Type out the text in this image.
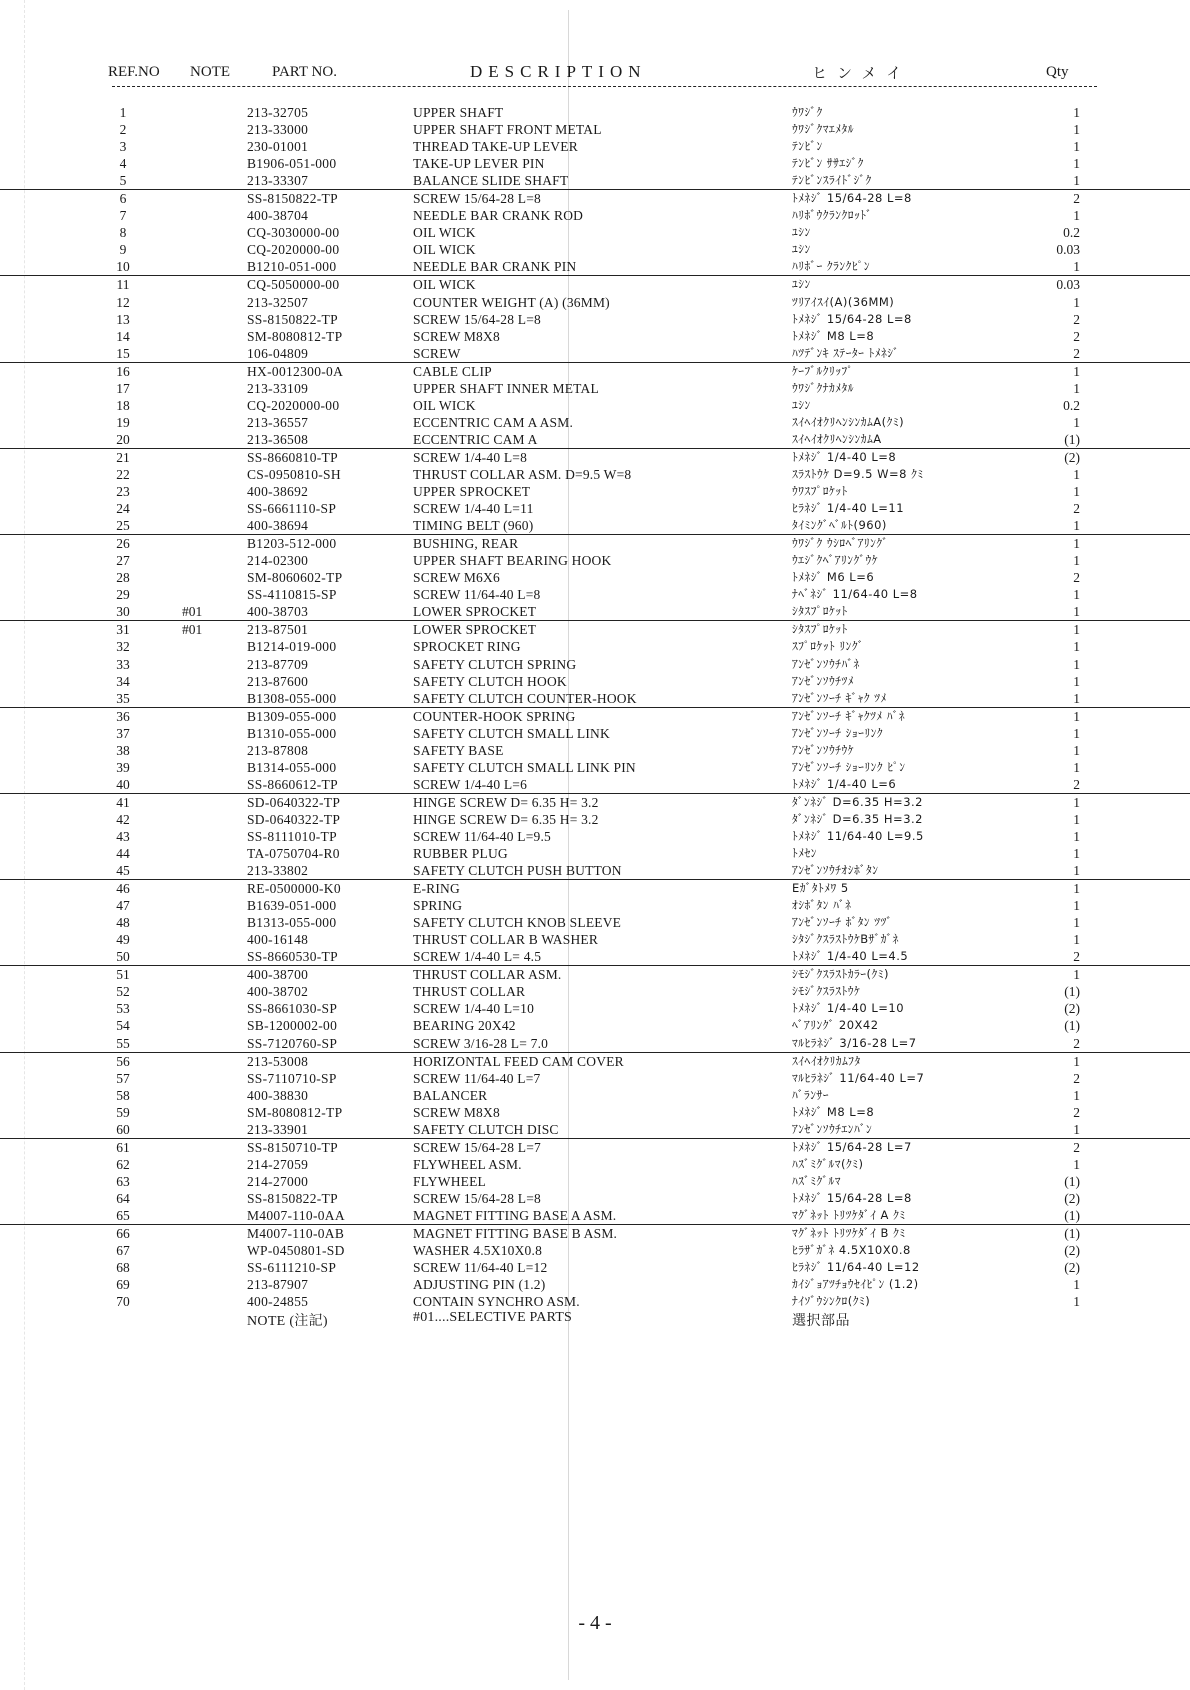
REF.NO NOTE	PART NO.	DESCRIPTION	ヒンメイ	Qty
1	213-32705	UPPER SHAFT	ｳﾜｼﾞｸ	1
2	213-33000	UPPER SHAFT FRONT METAL	ｳﾜｼﾞｸﾏｴﾒﾀﾙ	1
3	230-01001	THREAD TAKE-UP LEVER	ﾃﾝﾋﾞﾝ	1
4	B1906-051-000	TAKE-UP LEVER PIN	ﾃﾝﾋﾞﾝ ｻｻｴｼﾞｸ	1
5	213-33307	BALANCE SLIDE SHAFT	ﾃﾝﾋﾞﾝｽﾗｲﾄﾞｼﾞｸ	1
6	SS-8150822-TP	SCREW 15/64-28 L=8	ﾄﾒﾈｼﾞ 15/64-28 L=8	2
7	400-38704	NEEDLE BAR CRANK ROD	ﾊﾘﾎﾞｳｸﾗﾝｸﾛｯﾄﾞ	1
8	CQ-3030000-00	OIL WICK	ﾕｼﾝ	0.2
9	CQ-2020000-00	OIL WICK	ﾕｼﾝ	0.03
10	B1210-051-000	NEEDLE BAR CRANK PIN	ﾊﾘﾎﾞｰ ｸﾗﾝｸﾋﾟﾝ	1
11	CQ-5050000-00	OIL WICK	ﾕｼﾝ	0.03
12	213-32507	COUNTER WEIGHT (A) (36MM)	ﾂﾘｱｲｽｲ(A)(36MM)	1
13	SS-8150822-TP	SCREW 15/64-28 L=8	ﾄﾒﾈｼﾞ 15/64-28 L=8	2
14	SM-8080812-TP	SCREW M8X8	ﾄﾒﾈｼﾞ M8 L=8	2
15	106-04809	SCREW	ﾊﾂﾃﾞﾝｷ ｽﾃｰﾀｰ ﾄﾒﾈｼﾞ	2
16	HX-0012300-0A	CABLE CLIP	ｹｰﾌﾞﾙｸﾘｯﾌﾟ	1
17	213-33109	UPPER SHAFT INNER METAL	ｳﾜｼﾞｸﾅｶﾒﾀﾙ	1
18	CQ-2020000-00	OIL WICK	ﾕｼﾝ	0.2
19	213-36557	ECCENTRIC CAM A ASM.	ｽｲﾍｲｵｸﾘﾍﾝｼﾝｶﾑA(ｸﾐ)	1
20	213-36508	ECCENTRIC CAM A	ｽｲﾍｲｵｸﾘﾍﾝｼﾝｶﾑA	(1)
21	SS-8660810-TP	SCREW 1/4-40 L=8	ﾄﾒﾈｼﾞ 1/4-40 L=8	(2)
22	CS-0950810-SH	THRUST COLLAR ASM. D=9.5 W=8	ｽﾗｽﾄｳｹ D=9.5 W=8 ｸﾐ	1
23	400-38692	UPPER SPROCKET	ｳﾜｽﾌﾟﾛｹｯﾄ	1
24	SS-6661110-SP	SCREW 1/4-40 L=11	ﾋﾗﾈｼﾞ 1/4-40 L=11	2
25	400-38694	TIMING BELT (960)	ﾀｲﾐﾝｸﾞﾍﾞﾙﾄ(960)	1
26	B1203-512-000	BUSHING, REAR	ｳﾜｼﾞｸ ｳｼﾛﾍﾞｱﾘﾝｸﾞ	1
27	214-02300	UPPER SHAFT BEARING HOOK	ｳｴｼﾞｸﾍﾞｱﾘﾝｸﾞｳｹ	1
28	SM-8060602-TP	SCREW M6X6	ﾄﾒﾈｼﾞ M6 L=6	2
29	SS-4110815-SP	SCREW 11/64-40 L=8	ﾅﾍﾞﾈｼﾞ 11/64-40 L=8	1
30	#01	400-38703	LOWER SPROCKET	ｼﾀｽﾌﾟﾛｹｯﾄ	1
31	#01	213-87501	LOWER SPROCKET	ｼﾀｽﾌﾟﾛｹｯﾄ	1
32	B1214-019-000	SPROCKET RING	ｽﾌﾟﾛｹｯﾄ ﾘﾝｸﾞ	1
33	213-87709	SAFETY CLUTCH SPRING	ｱﾝｾﾞﾝｿｳﾁﾊﾞﾈ	1
34	213-87600	SAFETY CLUTCH HOOK	ｱﾝｾﾞﾝｿｳﾁﾂﾒ	1
35	B1308-055-000	SAFETY CLUTCH COUNTER-HOOK	ｱﾝｾﾞﾝｿｰﾁ ｷﾞｬｸ ﾂﾒ	1
36	B1309-055-000	COUNTER-HOOK SPRING	ｱﾝｾﾞﾝｿｰﾁ ｷﾞｬｸﾂﾒ ﾊﾞﾈ	1
37	B1310-055-000	SAFETY CLUTCH SMALL LINK	ｱﾝｾﾞﾝｿｰﾁ ｼｮｰﾘﾝｸ	1
38	213-87808	SAFETY BASE	ｱﾝｾﾞﾝｿｳﾁｳｹ	1
39	B1314-055-000	SAFETY CLUTCH SMALL LINK PIN	ｱﾝｾﾞﾝｿｰﾁ ｼｮｰﾘﾝｸ ﾋﾟﾝ	1
40	SS-8660612-TP	SCREW 1/4-40 L=6	ﾄﾒﾈｼﾞ 1/4-40 L=6	2
41	SD-0640322-TP	HINGE SCREW D= 6.35 H= 3.2	ﾀﾞﾝﾈｼﾞ D=6.35 H=3.2	1
42	SD-0640322-TP	HINGE SCREW D= 6.35 H= 3.2	ﾀﾞﾝﾈｼﾞ D=6.35 H=3.2	1
43	SS-8111010-TP	SCREW 11/64-40 L=9.5	ﾄﾒﾈｼﾞ 11/64-40 L=9.5	1
44	TA-0750704-R0	RUBBER PLUG	ﾄﾒｾﾝ	1
45	213-33802	SAFETY CLUTCH PUSH BUTTON	ｱﾝｾﾞﾝｿｳﾁｵｼﾎﾞﾀﾝ	1
46	RE-0500000-K0	E-RING	Eｶﾞﾀﾄﾒﾜ 5	1
47	B1639-051-000	SPRING	ｵｼﾎﾞﾀﾝ ﾊﾞﾈ	1
48	B1313-055-000	SAFETY CLUTCH KNOB SLEEVE	ｱﾝｾﾞﾝｿｰﾁ ﾎﾞﾀﾝ ﾂﾂﾞ	1
49	400-16148	THRUST COLLAR B WASHER	ｼﾀｼﾞｸｽﾗｽﾄｳｹBｻﾞｶﾞﾈ	1
50	SS-8660530-TP	SCREW 1/4-40 L= 4.5	ﾄﾒﾈｼﾞ 1/4-40 L=4.5	2
51	400-38700	THRUST COLLAR ASM.	ｼﾓｼﾞｸｽﾗｽﾄｶﾗｰ(ｸﾐ)	1
52	400-38702	THRUST COLLAR	ｼﾓｼﾞｸｽﾗｽﾄｳｹ	(1)
53	SS-8661030-SP	SCREW 1/4-40 L=10	ﾄﾒﾈｼﾞ 1/4-40 L=10	(2)
54	SB-1200002-00	BEARING 20X42	ﾍﾞｱﾘﾝｸﾞ 20X42	(1)
55	SS-7120760-SP	SCREW 3/16-28 L= 7.0	ﾏﾙﾋﾗﾈｼﾞ 3/16-28 L=7	2
56	213-53008	HORIZONTAL FEED CAM COVER	ｽｲﾍｲｵｸﾘｶﾑﾌﾀ	1
57	SS-7110710-SP	SCREW 11/64-40 L=7	ﾏﾙﾋﾗﾈｼﾞ 11/64-40 L=7	2
58	400-38830	BALANCER	ﾊﾞﾗﾝｻｰ	1
59	SM-8080812-TP	SCREW M8X8	ﾄﾒﾈｼﾞ M8 L=8	2
60	213-33901	SAFETY CLUTCH DISC	ｱﾝｾﾞﾝｿｳﾁｴﾝﾊﾞﾝ	1
61	SS-8150710-TP	SCREW 15/64-28 L=7	ﾄﾒﾈｼﾞ 15/64-28 L=7	2
62	214-27059	FLYWHEEL ASM.	ﾊｽﾞﾐｸﾞﾙﾏ(ｸﾐ)	1
63	214-27000	FLYWHEEL	ﾊｽﾞﾐｸﾞﾙﾏ	(1)
64	SS-8150822-TP	SCREW 15/64-28 L=8	ﾄﾒﾈｼﾞ 15/64-28 L=8	(2)
65	M4007-110-0AA	MAGNET FITTING BASE A ASM.	ﾏｸﾞﾈｯﾄ ﾄﾘﾂｹﾀﾞｲ A ｸﾐ	(1)
66	M4007-110-0AB	MAGNET FITTING BASE B ASM.	ﾏｸﾞﾈｯﾄ ﾄﾘﾂｹﾀﾞｲ B ｸﾐ	(1)
67	WP-0450801-SD	WASHER 4.5X10X0.8	ﾋﾗｻﾞｶﾞﾈ 4.5X10X0.8	(2)
68	SS-6111210-SP	SCREW 11/64-40 L=12	ﾋﾗﾈｼﾞ 11/64-40 L=12	(2)
69	213-87907	ADJUSTING PIN (1.2)	ｶｲｼﾞｮｱﾂﾁｮｳｾｲﾋﾟﾝ (1.2)	1
70	400-24855	CONTAIN SYNCHRO ASM.	ﾅｲｿﾞｳｼﾝｸﾛ(ｸﾐ)	1
NOTE (注記)	#01....SELECTIVE PARTS	選択部品
- 4 -
